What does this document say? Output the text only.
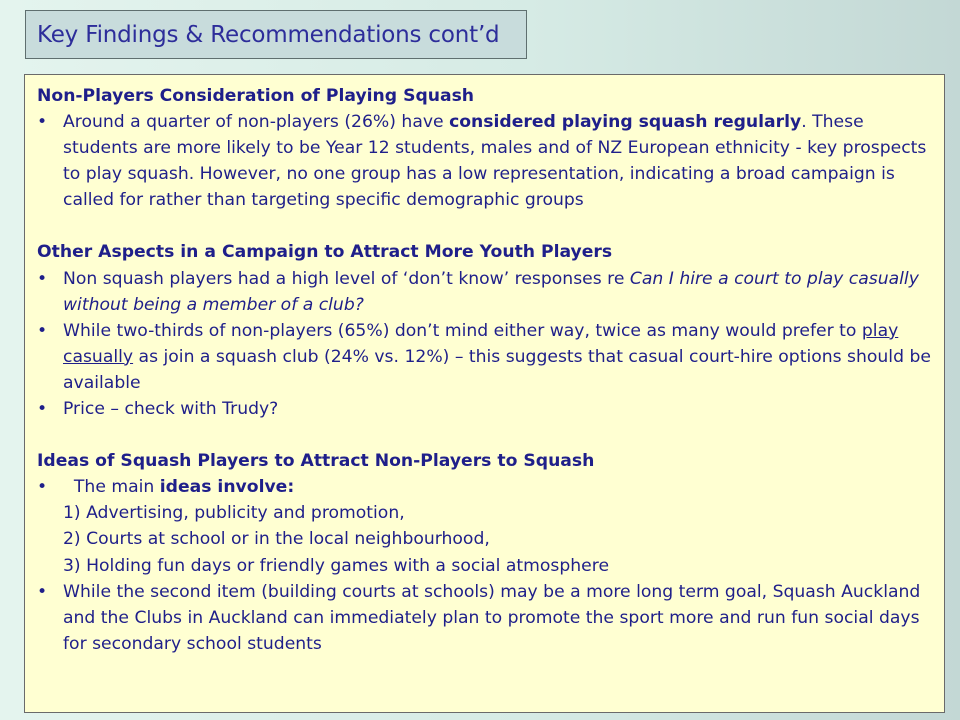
Key Findings & Recommendations cont’d
Non-Players Consideration of Playing Squash
• Around a quarter of non-players (26%) have considered playing squash regularly. These students are more likely to be Year 12 students, males and of NZ European ethnicity - key prospects to play squash. However, no one group has a low representation, indicating a broad campaign is called for rather than targeting specific demographic groups
Other Aspects in a Campaign to Attract More Youth Players
• Non squash players had a high level of ‘don’t know’ responses re Can I hire a court to play casually without being a member of a club?
• While two-thirds of non-players (65%) don’t mind either way, twice as many would prefer to play casually as join a squash club (24% vs. 12%) – this suggests that casual court-hire options should be available
• Price – check with Trudy?
Ideas of Squash Players to Attract Non-Players to Squash
•   The main ideas involve:
1) Advertising, publicity and promotion,
2) Courts at school or in the local neighbourhood,
3) Holding fun days or friendly games with a social atmosphere
• While the second item (building courts at schools) may be a more long term goal, Squash Auckland and the Clubs in Auckland can immediately plan to promote the sport more and run fun social days for secondary school students
